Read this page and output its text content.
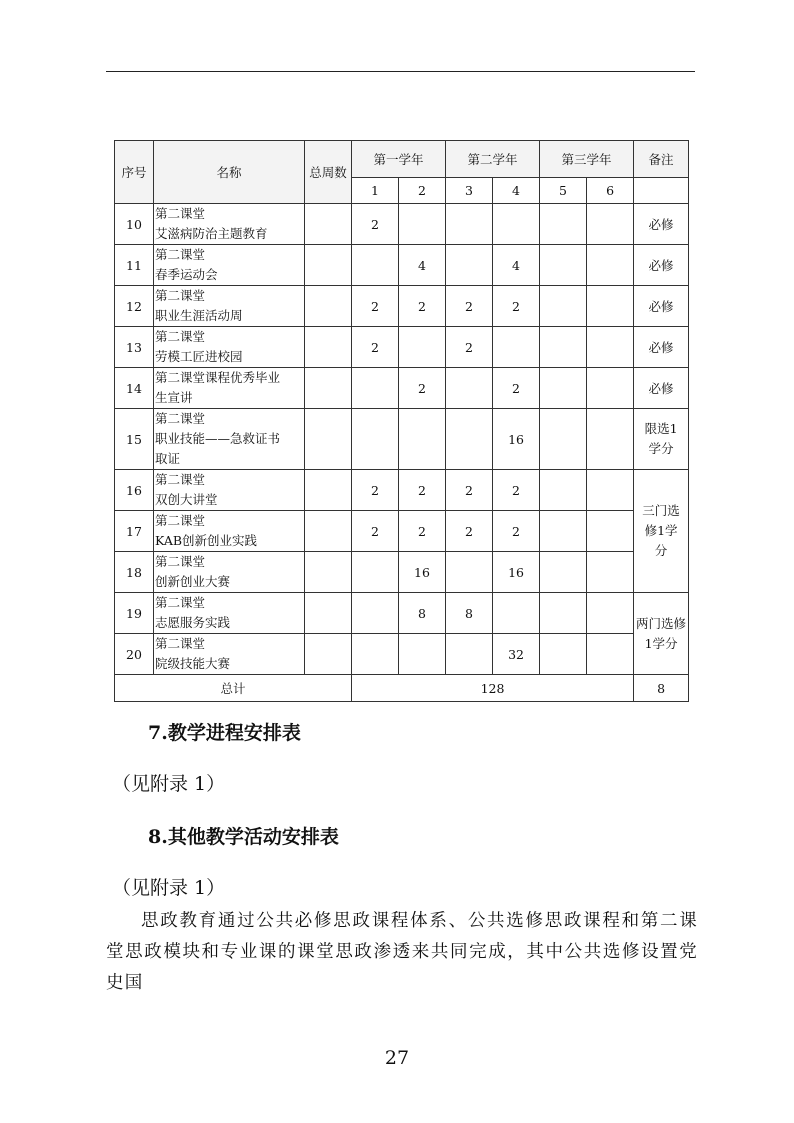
序号	名称	总周数	第一学年		第二学年		第三学年		备注
			1	2	3	4	5	6	
10	第二课堂
艾滋病防治主题教育		2						必修
11	第二课堂
春季运动会			4		4			必修
12	第二课堂
职业生涯活动周		2	2	2	2			必修
13	第二课堂
劳模工匠进校园		2		2				必修
14	第二课堂课程优秀毕业
生宣讲			2		2			必修
15	第二课堂
职业技能——急救证书
取证					16			限选1学分
16	第二课堂
双创大讲堂		2	2	2	2			三门选修1学分
17	第二课堂
KAB创新创业实践		2	2	2	2			
18	第二课堂
创新创业大赛			16		16			
19	第二课堂
志愿服务实践			8	8				两门选修1学分
20	第二课堂
院级技能大赛					32			
总计			128						8
7.教学进程安排表
（见附录 1）
8.其他教学活动安排表
（见附录 1）
思政教育通过公共必修思政课程体系、公共选修思政课程和第二课堂思政模块和专业课的课堂思政渗透来共同完成，其中公共选修设置党史国
27
